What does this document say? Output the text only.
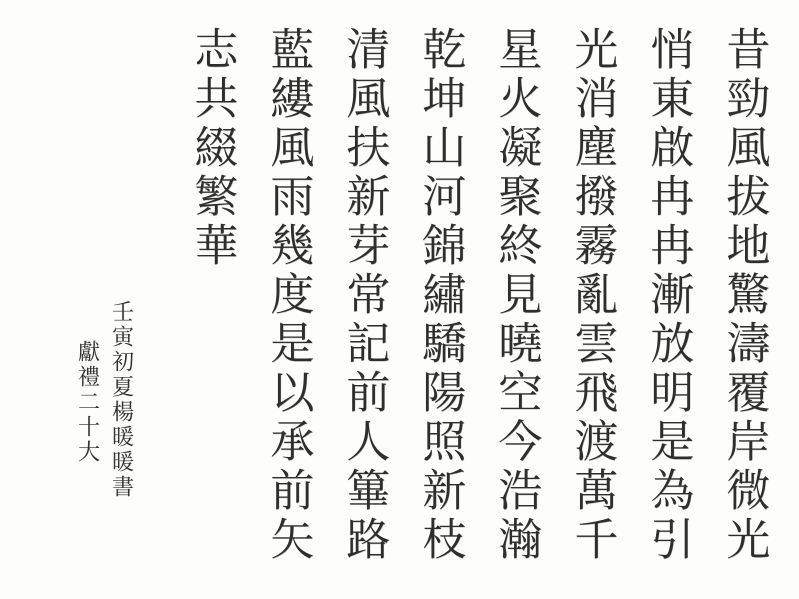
昔勁風拔地驚濤覆岸微光
悄東啟冉冉漸放明是為引
光消塵撥霧亂雲飛渡萬千
星火凝聚終見曉空今浩瀚
乾坤山河錦繡驕陽照新枝
清風扶新芽常記前人篳路
藍縷風雨幾度是以承前矢
志共綴繁華
壬寅初夏楊暖暖書
獻禮二十大
